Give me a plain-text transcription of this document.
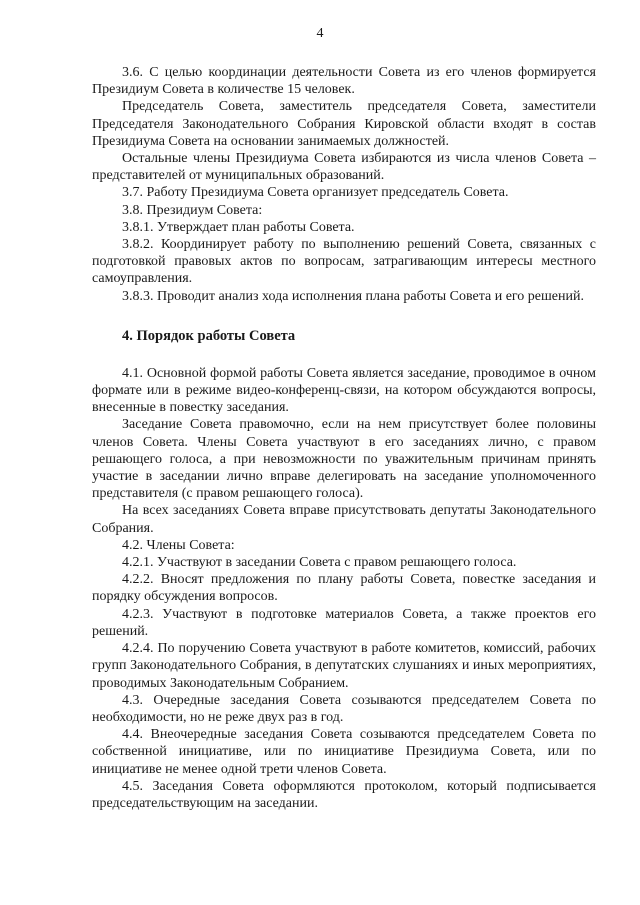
4

3.6. С целью координации деятельности Совета из его членов формируется Президиум Совета в количестве 15 человек.

Председатель Совета, заместитель председателя Совета, заместители Председателя Законодательного Собрания Кировской области входят в состав Президиума Совета на основании занимаемых должностей.

Остальные члены Президиума Совета избираются из числа членов Совета – представителей от муниципальных образований.

3.7. Работу Президиума Совета организует председатель Совета.

3.8. Президиум Совета:

3.8.1. Утверждает план работы Совета.

3.8.2. Координирует работу по выполнению решений Совета, связанных с подготовкой правовых актов по вопросам, затрагивающим интересы местного самоуправления.

3.8.3. Проводит анализ хода исполнения плана работы Совета и его решений.

4. Порядок работы Совета

4.1. Основной формой работы Совета является заседание, проводимое в очном формате или в режиме видео-конференц-связи, на котором обсуждаются вопросы, внесенные в повестку заседания.

Заседание Совета правомочно, если на нем присутствует более половины членов Совета. Члены Совета участвуют в его заседаниях лично, с правом решающего голоса, а при невозможности по уважительным причинам принять участие в заседании лично вправе делегировать на заседание уполномоченного представителя (с правом решающего голоса).

На всех заседаниях Совета вправе присутствовать депутаты Законодательного Собрания.

4.2. Члены Совета:

4.2.1. Участвуют в заседании Совета с правом решающего голоса.

4.2.2. Вносят предложения по плану работы Совета, повестке заседания и порядку обсуждения вопросов.

4.2.3. Участвуют в подготовке материалов Совета, а также проектов его решений.

4.2.4. По поручению Совета участвуют в работе комитетов, комиссий, рабочих групп Законодательного Собрания, в депутатских слушаниях и иных мероприятиях, проводимых Законодательным Собранием.

4.3. Очередные заседания Совета созываются председателем Совета по необходимости, но не реже двух раз в год.

4.4. Внеочередные заседания Совета созываются председателем Совета по собственной инициативе, или по инициативе Президиума Совета, или по инициативе не менее одной трети членов Совета.

4.5. Заседания Совета оформляются протоколом, который подписывается председательствующим на заседании.
